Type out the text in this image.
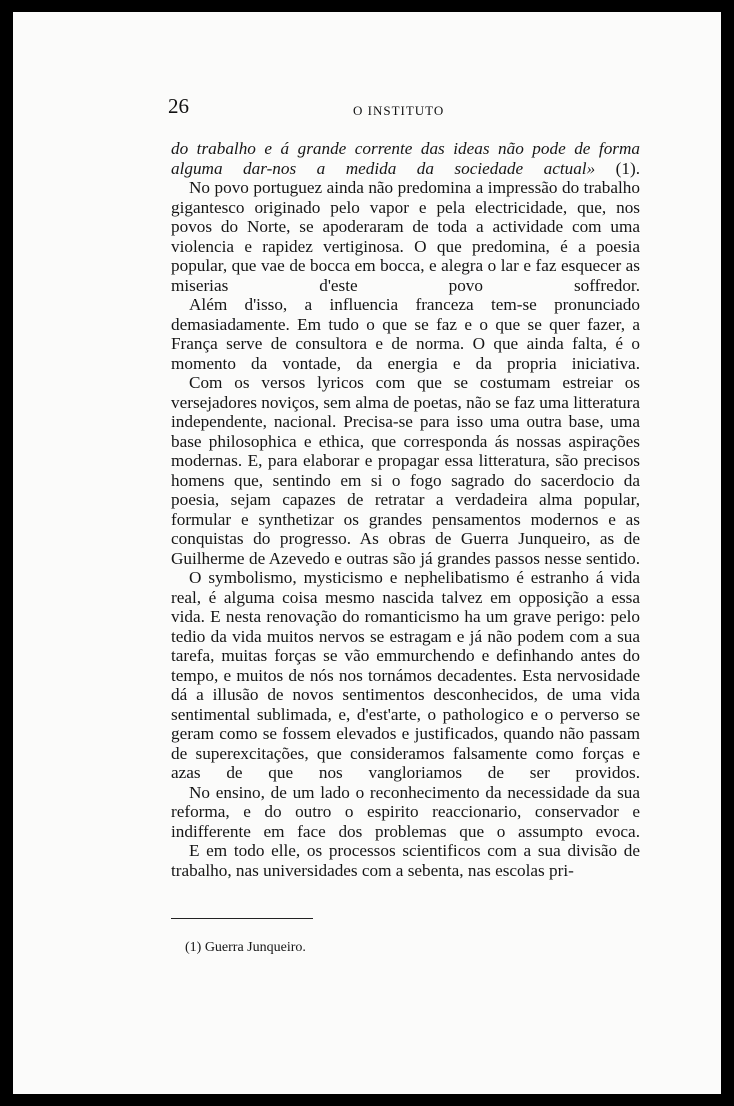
26	O INSTITUTO

do trabalho e á grande corrente das ideas não pode de forma alguma dar-nos a medida da sociedade actual» (1).

No povo portuguez ainda não predomina a impressão do trabalho gigantesco originado pelo vapor e pela electricidade, que, nos povos do Norte, se apoderaram de toda a actividade com uma violencia e rapidez vertiginosa. O que predomina, é a poesia popular, que vae de bocca em bocca, e alegra o lar e faz esquecer as miserias d'este povo soffredor.

Além d'isso, a influencia franceza tem-se pronunciado demasiadamente. Em tudo o que se faz e o que se quer fazer, a França serve de consultora e de norma. O que ainda falta, é o momento da vontade, da energia e da propria iniciativa.

Com os versos lyricos com que se costumam estreiar os versejadores noviços, sem alma de poetas, não se faz uma litteratura independente, nacional. Precisa-se para isso uma outra base, uma base philosophica e ethica, que corresponda ás nossas aspirações modernas. E, para elaborar e propagar essa litteratura, são precisos homens que, sentindo em si o fogo sagrado do sacerdocio da poesia, sejam capazes de retratar a verdadeira alma popular, formular e synthetizar os grandes pensamentos modernos e as conquistas do progresso. As obras de Guerra Junqueiro, as de Guilherme de Azevedo e outras são já grandes passos nesse sentido.

O symbolismo, mysticismo e nephelibatismo é estranho á vida real, é alguma coisa mesmo nascida talvez em opposição a essa vida. E nesta renovação do romanticismo ha um grave perigo: pelo tedio da vida muitos nervos se estragam e já não podem com a sua tarefa, muitas forças se vão emmurchendo e definhando antes do tempo, e muitos de nós nos tornámos decadentes. Esta nervosidade dá a illusão de novos sentimentos desconhecidos, de uma vida sentimental sublimada, e, d'est'arte, o pathologico e o perverso se geram como se fossem elevados e justificados, quando não passam de superexcitações, que consideramos falsamente como forças e azas de que nos vangloriamos de ser providos.

No ensino, de um lado o reconhecimento da necessidade da sua reforma, e do outro o espirito reaccionario, conservador e indifferente em face dos problemas que o assumpto evoca.

E em todo elle, os processos scientificos com a sua divisão de trabalho, nas universidades com a sebenta, nas escolas pri-

(1) Guerra Junqueiro.
